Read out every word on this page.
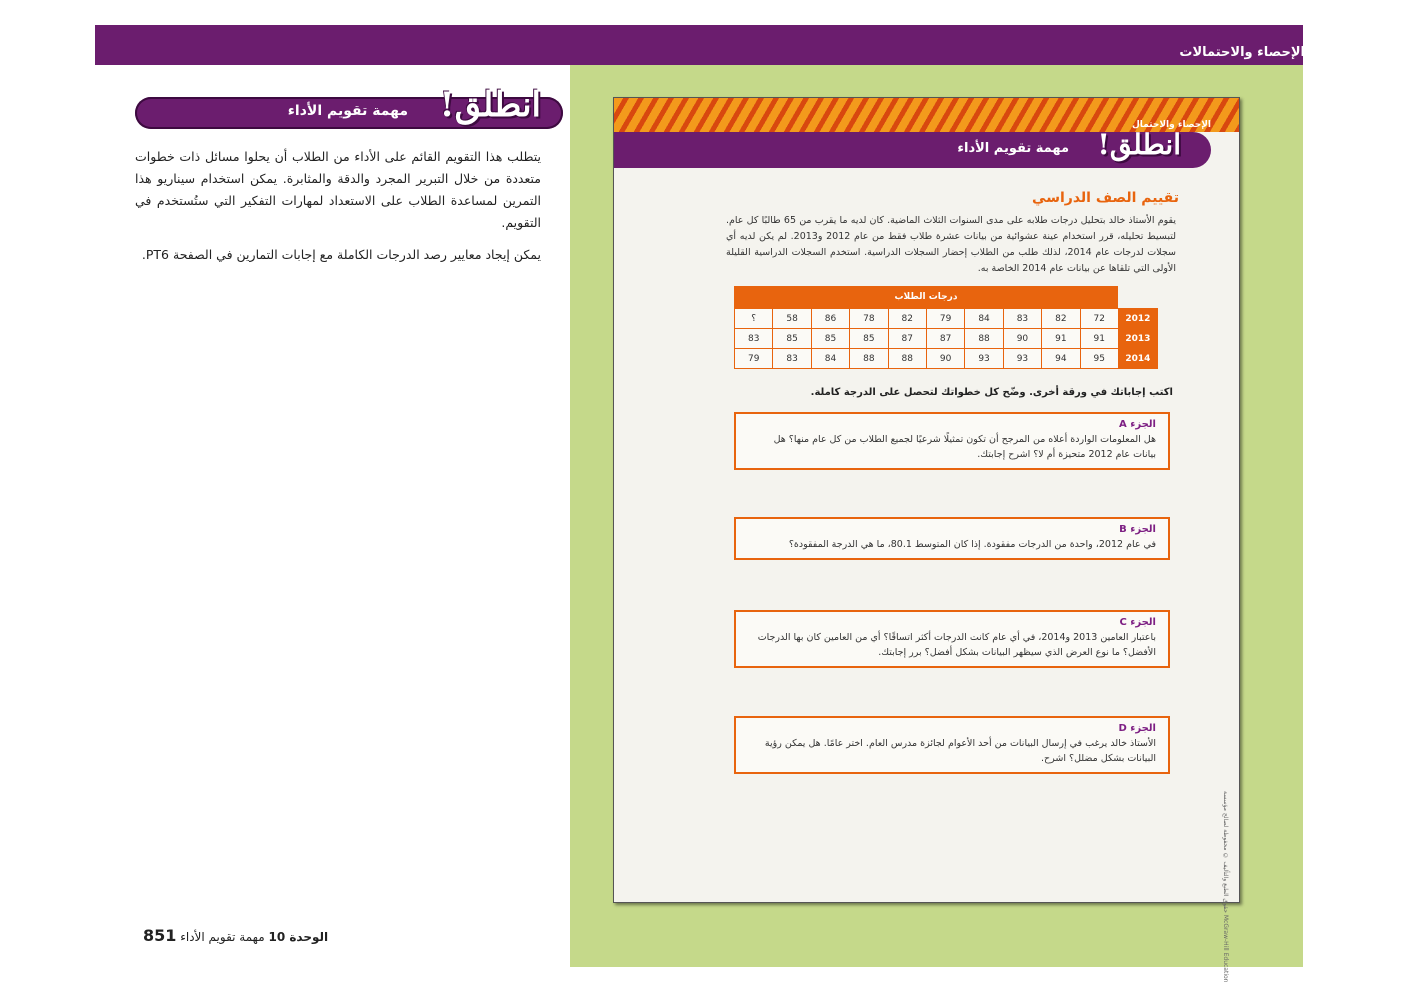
الإحصاء والاحتمالات
انطلق!
مهمة تقويم الأداء

يتطلب هذا التقويم القائم على الأداء من الطلاب أن يحلوا مسائل ذات خطوات متعددة من خلال التبرير المجرد والدقة والمثابرة. يمكن استخدام سيناريو هذا التمرين لمساعدة الطلاب على الاستعداد لمهارات التفكير التي ستُستخدم في التقويم.

يمكن إيجاد معايير رصد الدرجات الكاملة مع إجابات التمارين في الصفحة PT6.

الوحدة 10 مهمة تقويم الأداء 851
الإحصاء والاحتمال
انطلق!
مهمة تقويم الأداء
تقييم الصف الدراسي
يقوم الأستاذ خالد بتحليل درجات طلابه على مدى السنوات الثلاث الماضية. كان لديه ما يقرب من 65 طالبًا كل عام. لتبسيط تحليله، قرر استخدام عينة عشوائية من بيانات عشرة طلاب فقط من عام 2012 و2013. لم يكن لديه أي سجلات لدرجات عام 2014، لذلك طلب من الطلاب إحضار السجلات الدراسية. استخدم السجلات الدراسية القليلة الأولى التي تلقاها عن بيانات عام 2014 الخاصة به.
درجات الطلاب
؟	58	86	78	82	79	84	83	82	72	2012
83	85	85	85	87	87	88	90	91	91	2013
79	83	84	88	88	90	93	93	94	95	2014
اكتب إجاباتك في ورقة أخرى. وضّح كل خطواتك لتحصل على الدرجة كاملة.
الجزء A
هل المعلومات الواردة أعلاه من المرجح أن تكون تمثيلًا شرعيًا لجميع الطلاب من كل عام منها؟ هل بيانات عام 2012 متحيزة أم لا؟ اشرح إجابتك.
الجزء B
في عام 2012، واحدة من الدرجات مفقودة. إذا كان المتوسط 80.1، ما هي الدرجة المفقودة؟
الجزء C
باعتبار العامين 2013 و2014، في أي عام كانت الدرجات أكثر اتساقًا؟ أي من العامين كان بها الدرجات الأفضل؟ ما نوع العرض الذي سيظهر البيانات بشكل أفضل؟ برر إجابتك.
الجزء D
الأستاذ خالد يرغب في إرسال البيانات من أحد الأعوام لجائزة مدرس العام. اختر عامًا. هل يمكن رؤية البيانات بشكل مضلل؟ اشرح.
حقوق الطبع والتأليف © محفوظة لصالح مؤسسة McGraw-Hill Education
